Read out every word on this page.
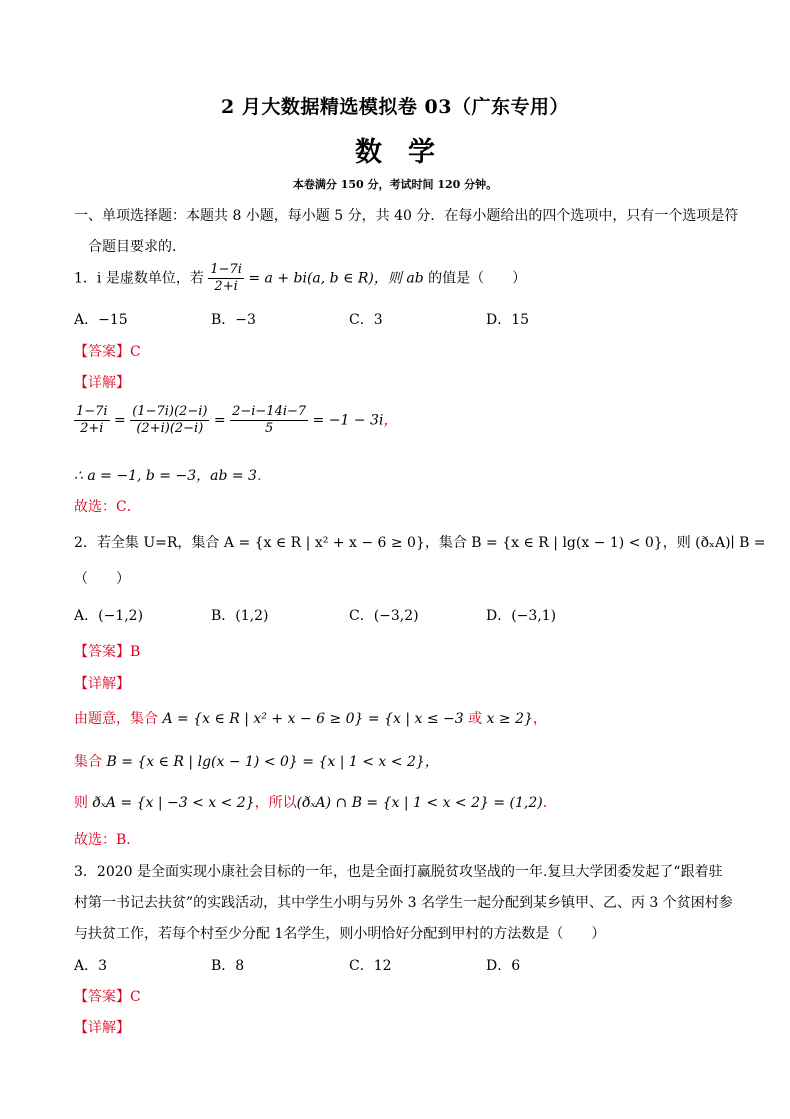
2 月大数据精选模拟卷 03（广东专用）
数学
本卷满分 150 分，考试时间 120 分钟。
一、单项选择题：本题共 8 小题，每小题 5 分，共 40 分．在每小题给出的四个选项中，只有一个选项是符
合题目要求的．
1．i 是虚数单位，若 $\frac{1-7i}{2+i} = a + bi(a$, b ∈ R)，则 ab 的值是（　　）
A．−15	B．−3	C．3	D．15
【答案】C
【详解】
$\frac{1-7i}{2+i} = \frac{(1-7i)(2-i)}{(2+i)(2-i)} = \frac{2-i-14i-7}{5} = -1 - 3i$，
∴ a = −1, b = −3，ab = 3．
故选：C．
2．若全集 U=R，集合 A = {x ∈ R | x² + x − 6 ≥ 0}，集合 B = {x ∈ R | lg(x − 1) < 0}，则 (ðₓA)∣ B =
（　　）
A．(−1,2)	B．(1,2)	C．(−3,2)	D．(−3,1)
【答案】B
【详解】
由题意，集合 A = {x ∈ R | x² + x − 6 ≥ 0} = {x | x ≤ −3 或 x ≥ 2}，
集合 B = {x ∈ R | lg(x − 1) < 0} = {x | 1 < x < 2}，
则 ðₓA = {x | −3 < x < 2}，所以(ðₓA) ∩ B = {x | 1 < x < 2} = (1,2)．
故选：B．
3．2020 是全面实现小康社会目标的一年，也是全面打赢脱贫攻坚战的一年.复旦大学团委发起了“跟着驻
村第一书记去扶贫”的实践活动，其中学生小明与另外 3 名学生一起分配到某乡镇甲、乙、丙 3 个贫困村参
与扶贫工作，若每个村至少分配 1名学生，则小明恰好分配到甲村的方法数是（　　）
A．3	B．8	C．12	D．6
【答案】C
【详解】
